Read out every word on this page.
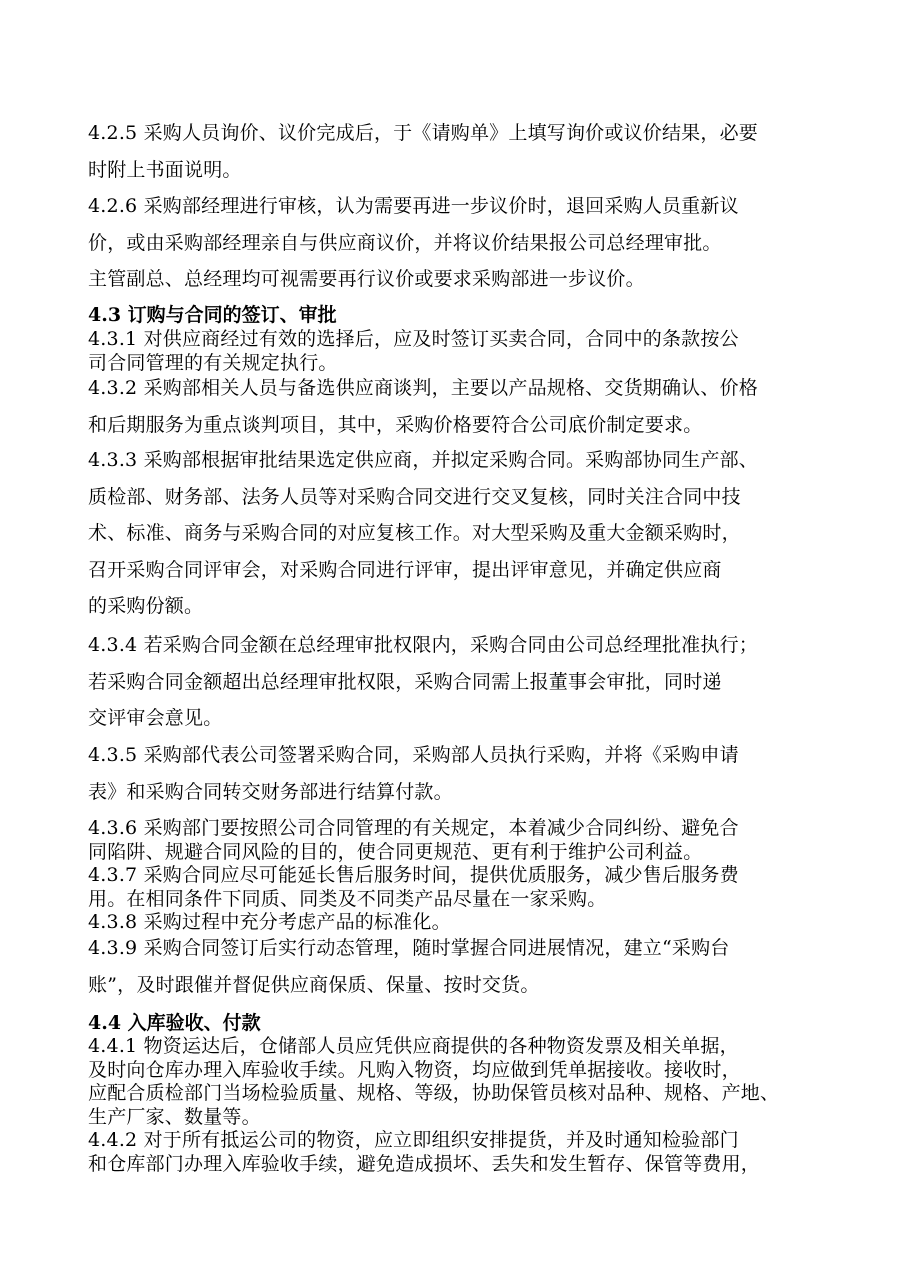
4.2.5 采购人员询价、议价完成后，于《请购单》上填写询价或议价结果，必要
时附上书面说明。
4.2.6 采购部经理进行审核，认为需要再进一步议价时，退回采购人员重新议
价，或由采购部经理亲自与供应商议价，并将议价结果报公司总经理审批。
主管副总、总经理均可视需要再行议价或要求采购部进一步议价。
4.3 订购与合同的签订、审批
4.3.1 对供应商经过有效的选择后，应及时签订买卖合同，合同中的条款按公
司合同管理的有关规定执行。
4.3.2 采购部相关人员与备选供应商谈判，主要以产品规格、交货期确认、价格
和后期服务为重点谈判项目，其中，采购价格要符合公司底价制定要求。
4.3.3 采购部根据审批结果选定供应商，并拟定采购合同。采购部协同生产部、
质检部、财务部、法务人员等对采购合同交进行交叉复核，同时关注合同中技
术、标准、商务与采购合同的对应复核工作。对大型采购及重大金额采购时，
召开采购合同评审会，对采购合同进行评审，提出评审意见，并确定供应商
的采购份额。
4.3.4 若采购合同金额在总经理审批权限内，采购合同由公司总经理批准执行；
若采购合同金额超出总经理审批权限，采购合同需上报董事会审批，同时递
交评审会意见。
4.3.5 采购部代表公司签署采购合同，采购部人员执行采购，并将《采购申请
表》和采购合同转交财务部进行结算付款。
4.3.6 采购部门要按照公司合同管理的有关规定，本着减少合同纠纷、避免合
同陷阱、规避合同风险的目的，使合同更规范、更有利于维护公司利益。
4.3.7 采购合同应尽可能延长售后服务时间，提供优质服务，减少售后服务费
用。在相同条件下同质、同类及不同类产品尽量在一家采购。
4.3.8 采购过程中充分考虑产品的标准化。
4.3.9 采购合同签订后实行动态管理，随时掌握合同进展情况，建立“采购台
账”，及时跟催并督促供应商保质、保量、按时交货。
4.4 入库验收、付款
4.4.1 物资运达后，仓储部人员应凭供应商提供的各种物资发票及相关单据，
及时向仓库办理入库验收手续。凡购入物资，均应做到凭单据接收。接收时，
应配合质检部门当场检验质量、规格、等级，协助保管员核对品种、规格、产地、
生产厂家、数量等。
4.4.2 对于所有抵运公司的物资，应立即组织安排提货，并及时通知检验部门
和仓库部门办理入库验收手续，避免造成损坏、丢失和发生暂存、保管等费用，
